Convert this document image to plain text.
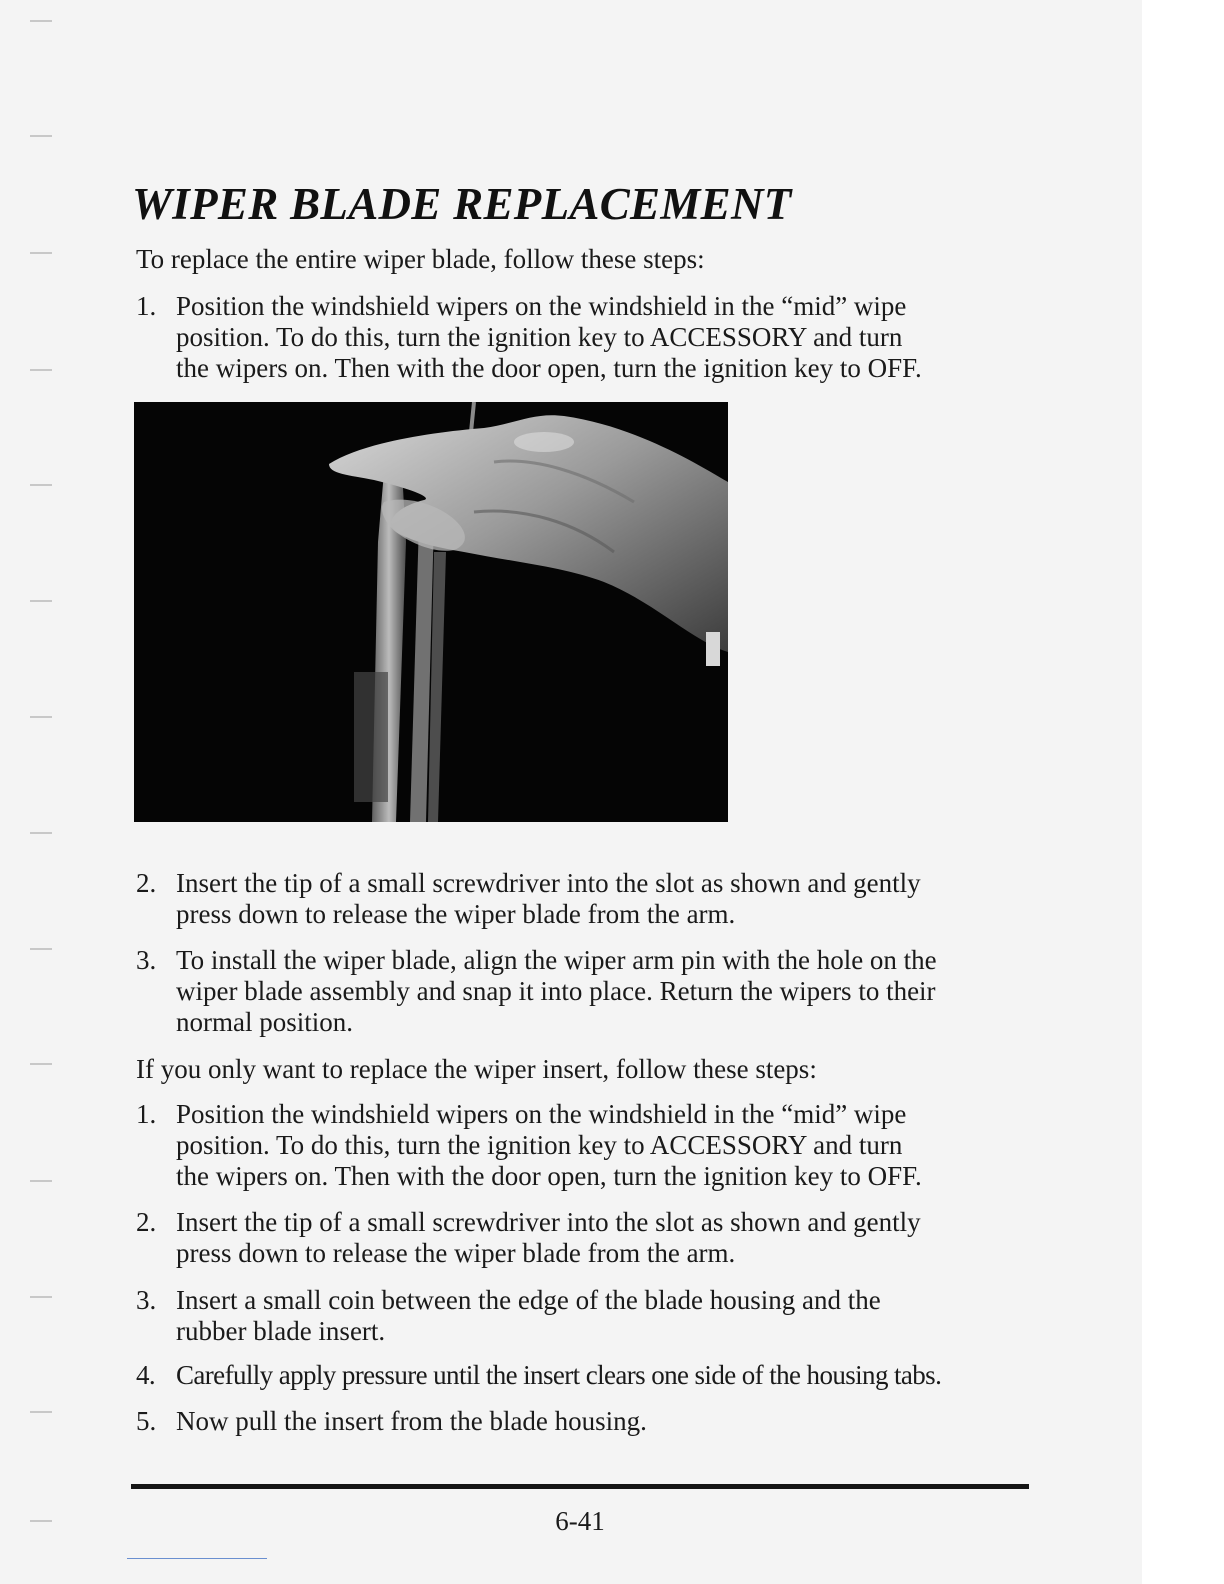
WIPER BLADE REPLACEMENT

To replace the entire wiper blade, follow these steps:

1. Position the windshield wipers on the windshield in the “mid” wipe
position. To do this, turn the ignition key to ACCESSORY and turn
the wipers on. Then with the door open, turn the ignition key to OFF.
2. Insert the tip of a small screwdriver into the slot as shown and gently
press down to release the wiper blade from the arm.
3. To install the wiper blade, align the wiper arm pin with the hole on the
wiper blade assembly and snap it into place. Return the wipers to their
normal position.

If you only want to replace the wiper insert, follow these steps:

1. Position the windshield wipers on the windshield in the “mid” wipe
position. To do this, turn the ignition key to ACCESSORY and turn
the wipers on. Then with the door open, turn the ignition key to OFF.
2. Insert the tip of a small screwdriver into the slot as shown and gently
press down to release the wiper blade from the arm.
3. Insert a small coin between the edge of the blade housing and the
rubber blade insert.
4. Carefully apply pressure until the insert clears one side of the housing tabs.
5. Now pull the insert from the blade housing.

6-41
